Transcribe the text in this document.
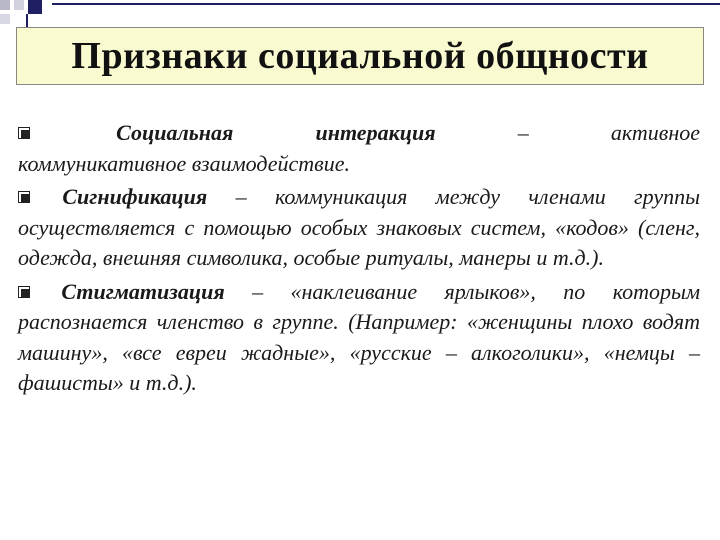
Признаки социальной общности
Социальная интеракция	–	активное
коммуникативное взаимодействие.
Сигнификация – коммуникация между членами группы осуществляется с помощью особых знаковых систем, «кодов» (сленг, одежда, внешняя символика, особые ритуалы, манеры и т.д.).
Стигматизация – «наклеивание ярлыков», по которым распознается членство в группе. (Например: «женщины плохо водят машину», «все евреи жадные», «русские – алкоголики», «немцы – фашисты» и т.д.).
